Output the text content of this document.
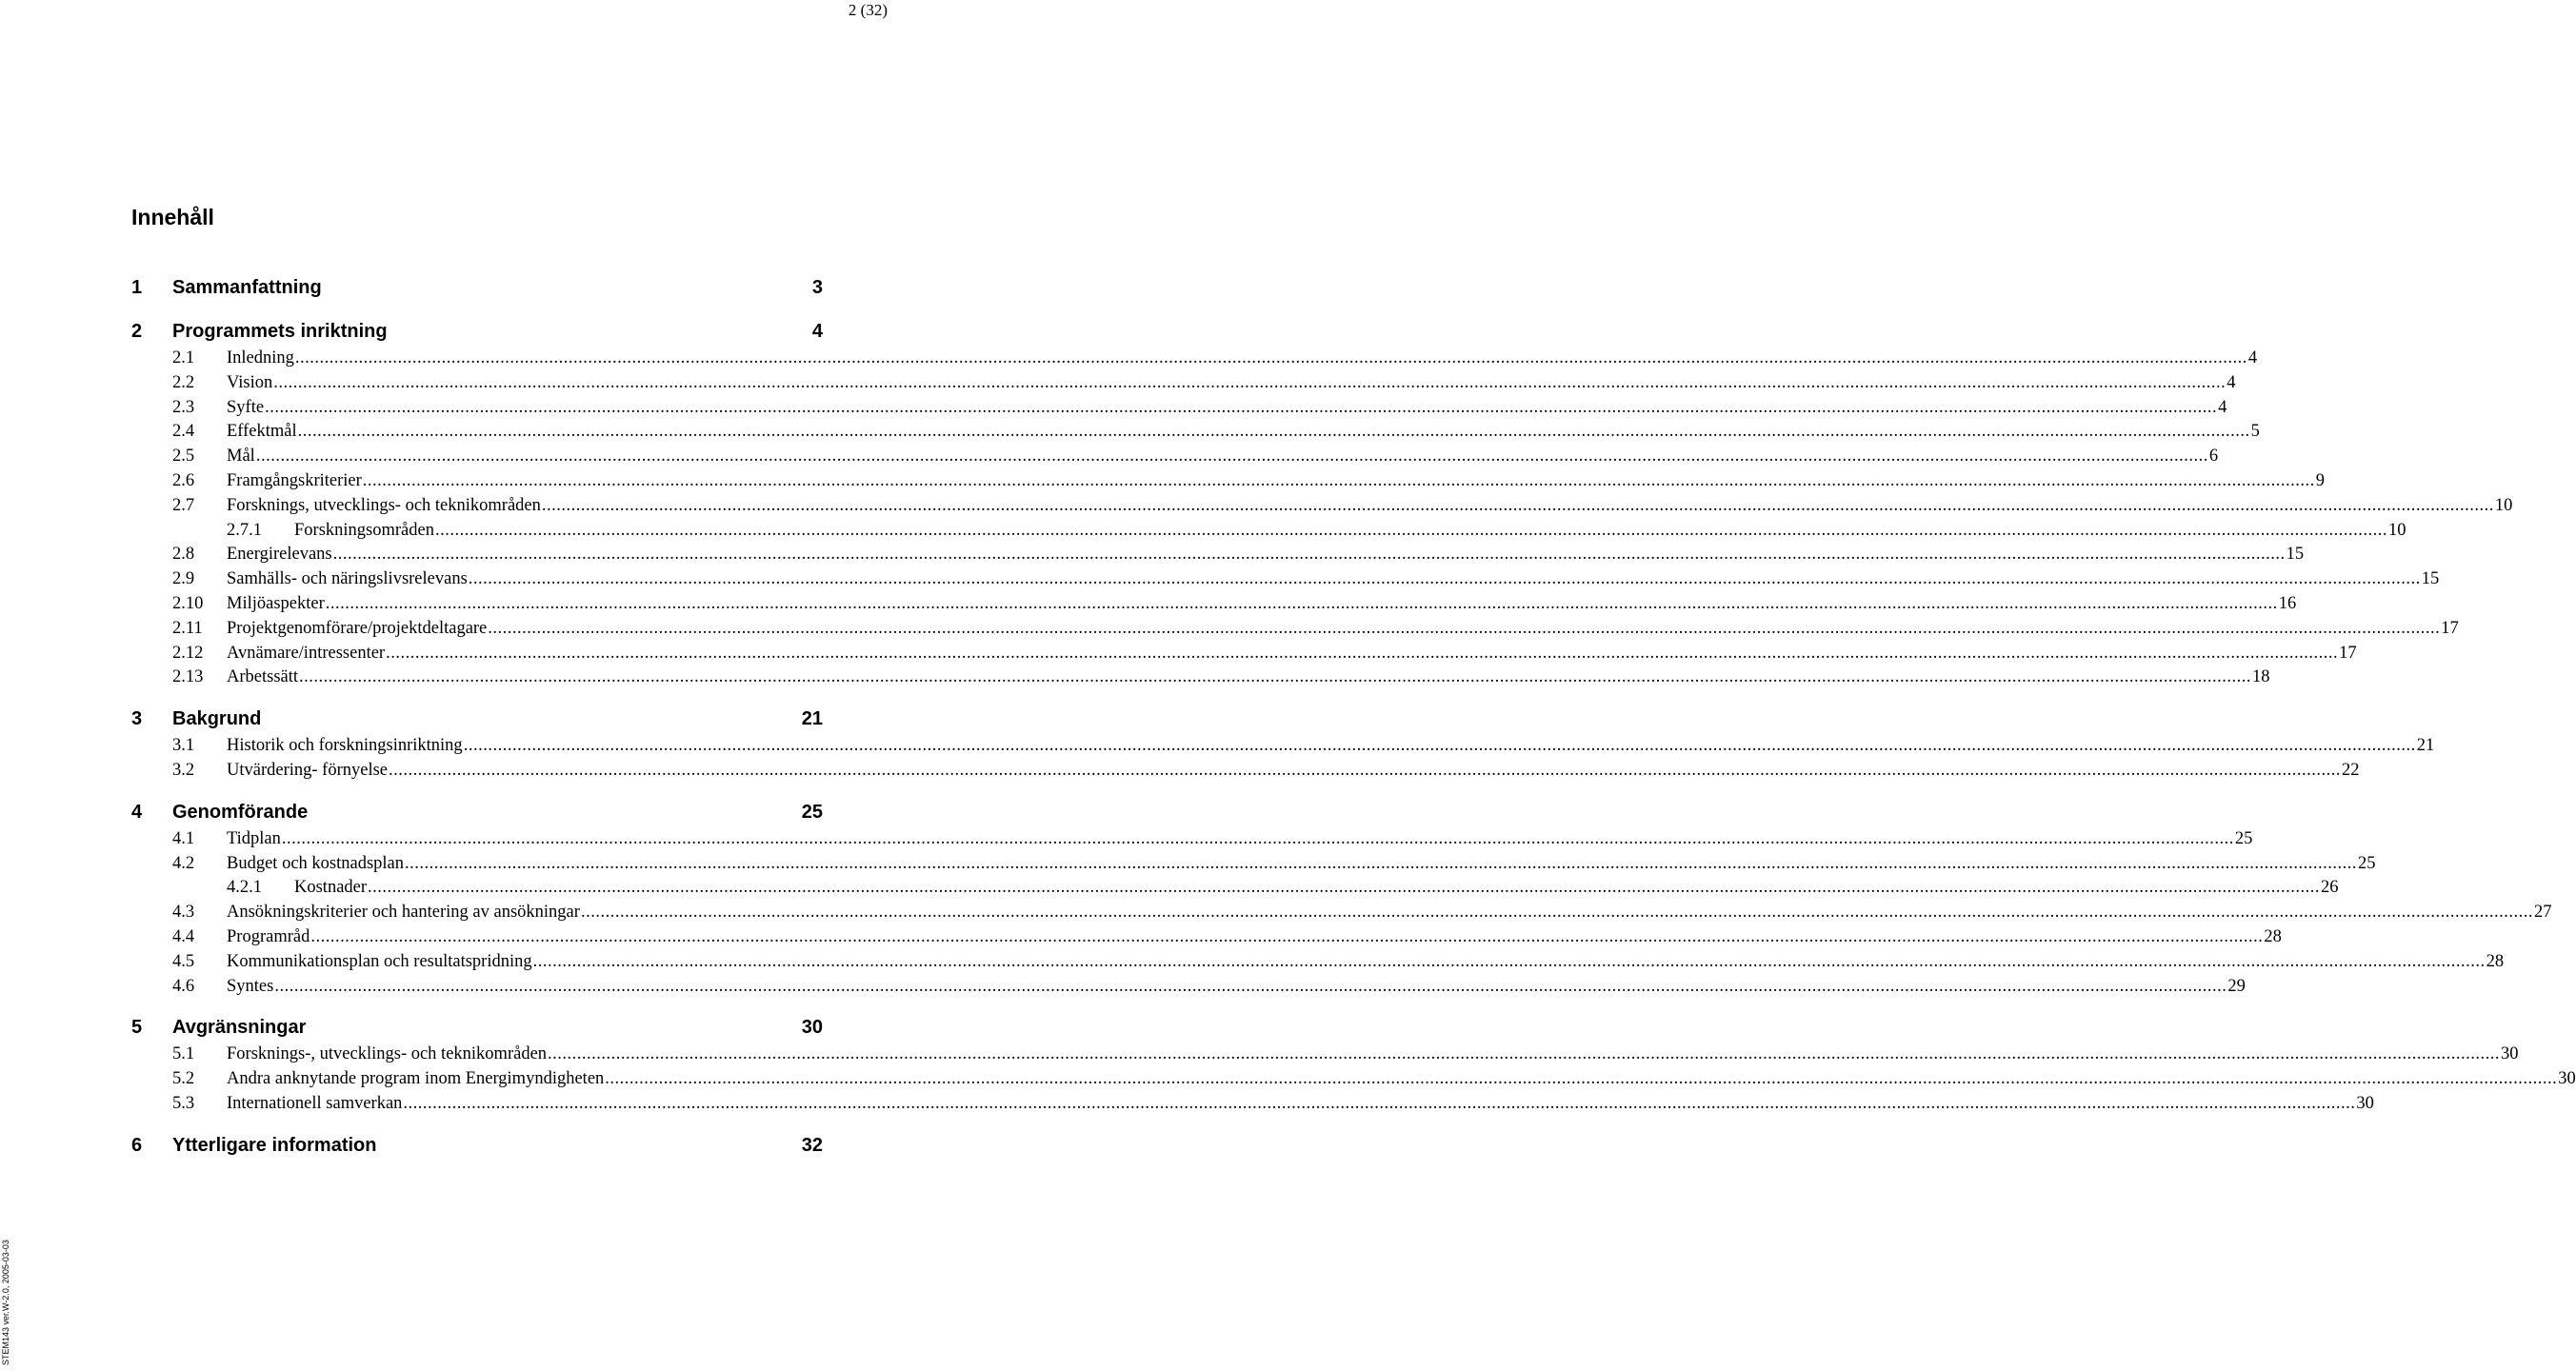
2 (32)
Innehåll
1	Sammanfattning	3
2	Programmets inriktning	4
2.1	Inledning ................................................................................................................................................................................................................................................................................................................................................................................................................ 4
2.2	Vision ................................................................................................................................................................................................................................................................................................................................................................................................................ 4
2.3	Syfte ................................................................................................................................................................................................................................................................................................................................................................................................................ 4
2.4	Effektmål ................................................................................................................................................................................................................................................................................................................................................................................................................ 5
2.5	Mål ................................................................................................................................................................................................................................................................................................................................................................................................................ 6
2.6	Framgångskriterier ................................................................................................................................................................................................................................................................................................................................................................................................................ 9
2.7	Forsknings, utvecklings- och teknikområden ................................................................................................................................................................................................................................................................................................................................................................................................................ 10
2.7.1	Forskningsområden ................................................................................................................................................................................................................................................................................................................................................................................................................ 10
2.8	Energirelevans ................................................................................................................................................................................................................................................................................................................................................................................................................ 15
2.9	Samhälls- och näringslivsrelevans ................................................................................................................................................................................................................................................................................................................................................................................................................ 15
2.10	Miljöaspekter ................................................................................................................................................................................................................................................................................................................................................................................................................ 16
2.11	Projektgenomförare/projektdeltagare ................................................................................................................................................................................................................................................................................................................................................................................................................ 17
2.12	Avnämare/intressenter ................................................................................................................................................................................................................................................................................................................................................................................................................ 17
2.13	Arbetssätt ................................................................................................................................................................................................................................................................................................................................................................................................................ 18
3	Bakgrund	21
3.1	Historik och forskningsinriktning ................................................................................................................................................................................................................................................................................................................................................................................................................ 21
3.2	Utvärdering- förnyelse ................................................................................................................................................................................................................................................................................................................................................................................................................ 22
4	Genomförande	25
4.1	Tidplan ................................................................................................................................................................................................................................................................................................................................................................................................................ 25
4.2	Budget och kostnadsplan ................................................................................................................................................................................................................................................................................................................................................................................................................ 25
4.2.1	Kostnader ................................................................................................................................................................................................................................................................................................................................................................................................................ 26
4.3	Ansökningskriterier och hantering av ansökningar ................................................................................................................................................................................................................................................................................................................................................................................................................ 27
4.4	Programråd ................................................................................................................................................................................................................................................................................................................................................................................................................ 28
4.5	Kommunikationsplan och resultatspridning ................................................................................................................................................................................................................................................................................................................................................................................................................ 28
4.6	Syntes ................................................................................................................................................................................................................................................................................................................................................................................................................ 29
5	Avgränsningar	30
5.1	Forsknings-, utvecklings- och teknikområden ................................................................................................................................................................................................................................................................................................................................................................................................................ 30
5.2	Andra anknytande program inom Energimyndigheten ................................................................................................................................................................................................................................................................................................................................................................................................................ 30
5.3	Internationell samverkan ................................................................................................................................................................................................................................................................................................................................................................................................................ 30
6	Ytterligare information	32
STEM143 ver.W-2.0, 2005-03-03
